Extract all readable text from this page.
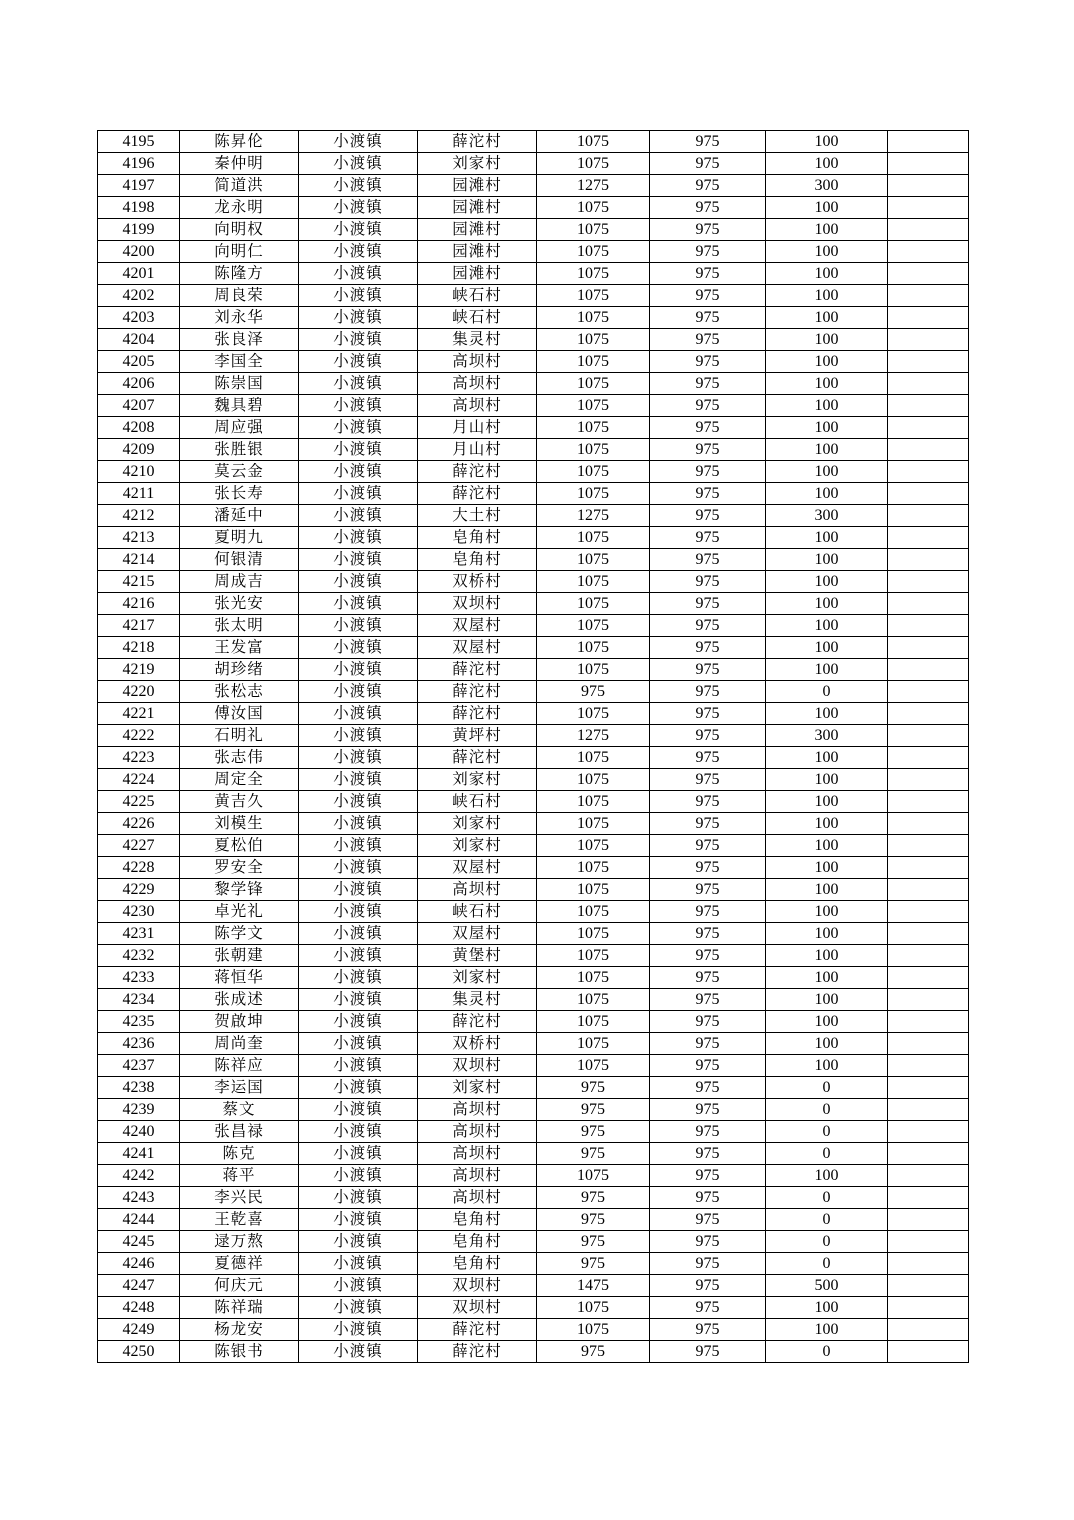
4195	陈昇伦	小渡镇	薛沱村	1075	975	100	
4196	秦仲明	小渡镇	刘家村	1075	975	100	
4197	简道洪	小渡镇	园滩村	1275	975	300	
4198	龙永明	小渡镇	园滩村	1075	975	100	
4199	向明权	小渡镇	园滩村	1075	975	100	
4200	向明仁	小渡镇	园滩村	1075	975	100	
4201	陈隆方	小渡镇	园滩村	1075	975	100	
4202	周良荣	小渡镇	峡石村	1075	975	100	
4203	刘永华	小渡镇	峡石村	1075	975	100	
4204	张良泽	小渡镇	集灵村	1075	975	100	
4205	李国全	小渡镇	高坝村	1075	975	100	
4206	陈崇国	小渡镇	高坝村	1075	975	100	
4207	魏具碧	小渡镇	高坝村	1075	975	100	
4208	周应强	小渡镇	月山村	1075	975	100	
4209	张胜银	小渡镇	月山村	1075	975	100	
4210	莫云金	小渡镇	薛沱村	1075	975	100	
4211	张长寿	小渡镇	薛沱村	1075	975	100	
4212	潘延中	小渡镇	大土村	1275	975	300	
4213	夏明九	小渡镇	皂角村	1075	975	100	
4214	何银清	小渡镇	皂角村	1075	975	100	
4215	周成吉	小渡镇	双桥村	1075	975	100	
4216	张光安	小渡镇	双坝村	1075	975	100	
4217	张太明	小渡镇	双屋村	1075	975	100	
4218	王发富	小渡镇	双屋村	1075	975	100	
4219	胡珍绪	小渡镇	薛沱村	1075	975	100	
4220	张松志	小渡镇	薛沱村	975	975	0	
4221	傅汝国	小渡镇	薛沱村	1075	975	100	
4222	石明礼	小渡镇	黄坪村	1275	975	300	
4223	张志伟	小渡镇	薛沱村	1075	975	100	
4224	周定全	小渡镇	刘家村	1075	975	100	
4225	黄吉久	小渡镇	峡石村	1075	975	100	
4226	刘模生	小渡镇	刘家村	1075	975	100	
4227	夏松伯	小渡镇	刘家村	1075	975	100	
4228	罗安全	小渡镇	双屋村	1075	975	100	
4229	黎学锋	小渡镇	高坝村	1075	975	100	
4230	卓光礼	小渡镇	峡石村	1075	975	100	
4231	陈学文	小渡镇	双屋村	1075	975	100	
4232	张朝建	小渡镇	黄堡村	1075	975	100	
4233	蒋恒华	小渡镇	刘家村	1075	975	100	
4234	张成述	小渡镇	集灵村	1075	975	100	
4235	贺啟坤	小渡镇	薛沱村	1075	975	100	
4236	周尚奎	小渡镇	双桥村	1075	975	100	
4237	陈祥应	小渡镇	双坝村	1075	975	100	
4238	李运国	小渡镇	刘家村	975	975	0	
4239	蔡文	小渡镇	高坝村	975	975	0	
4240	张昌禄	小渡镇	高坝村	975	975	0	
4241	陈克	小渡镇	高坝村	975	975	0	
4242	蒋平	小渡镇	高坝村	1075	975	100	
4243	李兴民	小渡镇	高坝村	975	975	0	
4244	王乾喜	小渡镇	皂角村	975	975	0	
4245	逯万熬	小渡镇	皂角村	975	975	0	
4246	夏德祥	小渡镇	皂角村	975	975	0	
4247	何庆元	小渡镇	双坝村	1475	975	500	
4248	陈祥瑞	小渡镇	双坝村	1075	975	100	
4249	杨龙安	小渡镇	薛沱村	1075	975	100	
4250	陈银书	小渡镇	薛沱村	975	975	0	
